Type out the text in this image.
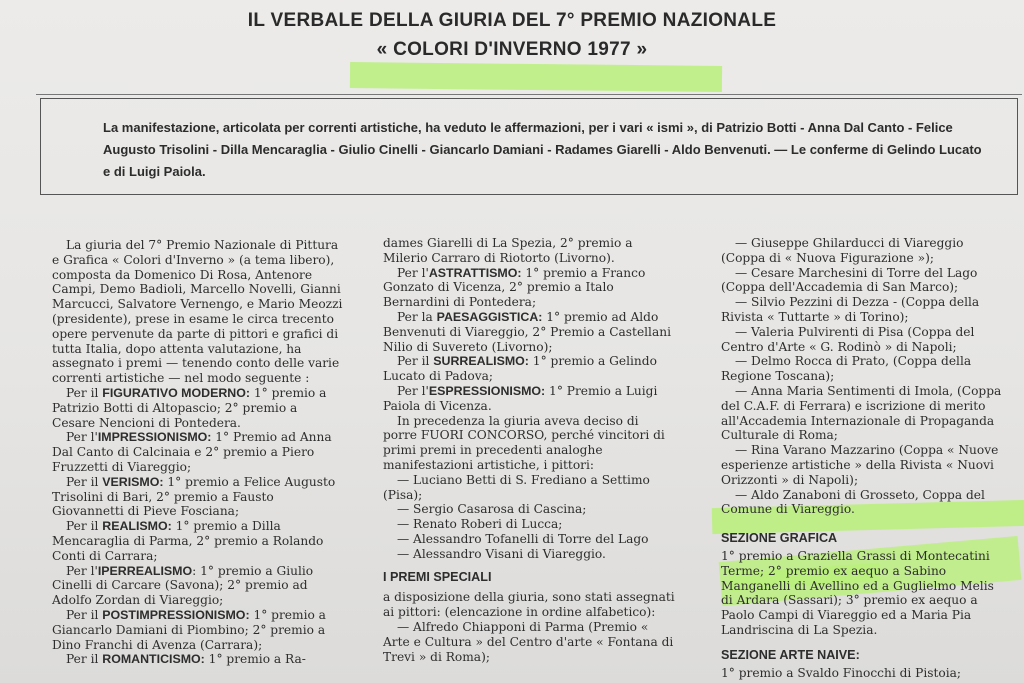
IL VERBALE DELLA GIURIA DEL 7° PREMIO NAZIONALE
« COLORI D'INVERNO 1977 »
La manifestazione, articolata per correnti artistiche, ha veduto le affermazioni, per i vari « ismi », di Patrizio Botti - Anna Dal Canto - Felice Augusto Trisolini - Dilla Mencaraglia - Giulio Cinelli - Giancarlo Damiani - Radames Giarelli - Aldo Benvenuti. — Le conferme di Gelindo Lucato e di Luigi Paiola.

La giuria del 7° Premio Nazionale di Pittura e Grafica « Colori d'Inverno » (a tema libero), composta da Domenico Di Rosa, Antenore Campi, Demo Badioli, Marcello Novelli, Gianni Marcucci, Salvatore Vernengo, e Mario Meozzi (presidente), prese in esame le circa trecento opere pervenute da parte di pittori e grafici di tutta Italia, dopo attenta valutazione, ha assegnato i premi — tenendo conto delle varie correnti artistiche — nel modo seguente :

Per il FIGURATIVO MODERNO: 1° premio a Patrizio Botti di Altopascio; 2° premio a Cesare Nencioni di Pontedera.

Per l'IMPRESSIONISMO: 1° Premio ad Anna Dal Canto di Calcinaia e 2° premio a Piero Fruzzetti di Viareggio;

Per il VERISMO: 1° premio a Felice Augusto Trisolini di Bari, 2° premio a Fausto Giovannetti di Pieve Fosciana;

Per il REALISMO: 1° premio a Dilla Mencaraglia di Parma, 2° premio a Rolando Conti di Carrara;

Per l'IPERREALISMO: 1° premio a Giulio Cinelli di Carcare (Savona); 2° premio ad Adolfo Zordan di Viareggio;

Per il POSTIMPRESSIONISMO: 1° premio a Giancarlo Damiani di Piombino; 2° premio a Dino Franchi di Avenza (Carrara);

Per il ROMANTICISMO: 1° premio a Ra-

dames Giarelli di La Spezia, 2° premio a Milerio Carraro di Riotorto (Livorno).

Per l'ASTRATTISMO: 1° premio a Franco Gonzato di Vicenza, 2° premio a Italo Bernardini di Pontedera;

Per la PAESAGGISTICA: 1° premio ad Aldo Benvenuti di Viareggio, 2° Premio a Castellani Nilio di Suvereto (Livorno);

Per il SURREALISMO: 1° premio a Gelindo Lucato di Padova;

Per l'ESPRESSIONISMO: 1° Premio a Luigi Paiola di Vicenza.

In precedenza la giuria aveva deciso di porre FUORI CONCORSO, perché vincitori di primi premi in precedenti analoghe manifestazioni artistiche, i pittori:

— Luciano Betti di S. Frediano a Settimo (Pisa);

— Sergio Casarosa di Cascina;

— Renato Roberi di Lucca;

— Alessandro Tofanelli di Torre del Lago

— Alessandro Visani di Viareggio.

I PREMI SPECIALI

a disposizione della giuria, sono stati assegnati ai pittori: (elencazione in ordine alfabetico):

— Alfredo Chiapponi di Parma (Premio « Arte e Cultura » del Centro d'arte « Fontana di Trevi » di Roma);

— Giuseppe Ghilarducci di Viareggio (Coppa di « Nuova Figurazione »);

— Cesare Marchesini di Torre del Lago (Coppa dell'Accademia di San Marco);

— Silvio Pezzini di Dezza - (Coppa della Rivista « Tuttarte » di Torino);

— Valeria Pulvirenti di Pisa (Coppa del Centro d'Arte « G. Rodinò » di Napoli;

— Delmo Rocca di Prato, (Coppa della Regione Toscana);

— Anna Maria Sentimenti di Imola, (Coppa del C.A.F. di Ferrara) e iscrizione di merito all'Accademia Internazionale di Propaganda Culturale di Roma;

— Rina Varano Mazzarino (Coppa « Nuove esperienze artistiche » della Rivista « Nuovi Orizzonti » di Napoli);

— Aldo Zanaboni di Grosseto, Coppa del Comune di Viareggio.

SEZIONE GRAFICA

1° premio a Graziella Grassi di Montecatini Terme; 2° premio ex aequo a Sabino Manganelli di Avellino ed a Guglielmo Melis di Ardara (Sassari); 3° premio ex aequo a Paolo Campi di Viareggio ed a Maria Pia Landriscina di La Spezia.

SEZIONE ARTE NAIVE:

1° premio a Svaldo Finocchi di Pistoia;
